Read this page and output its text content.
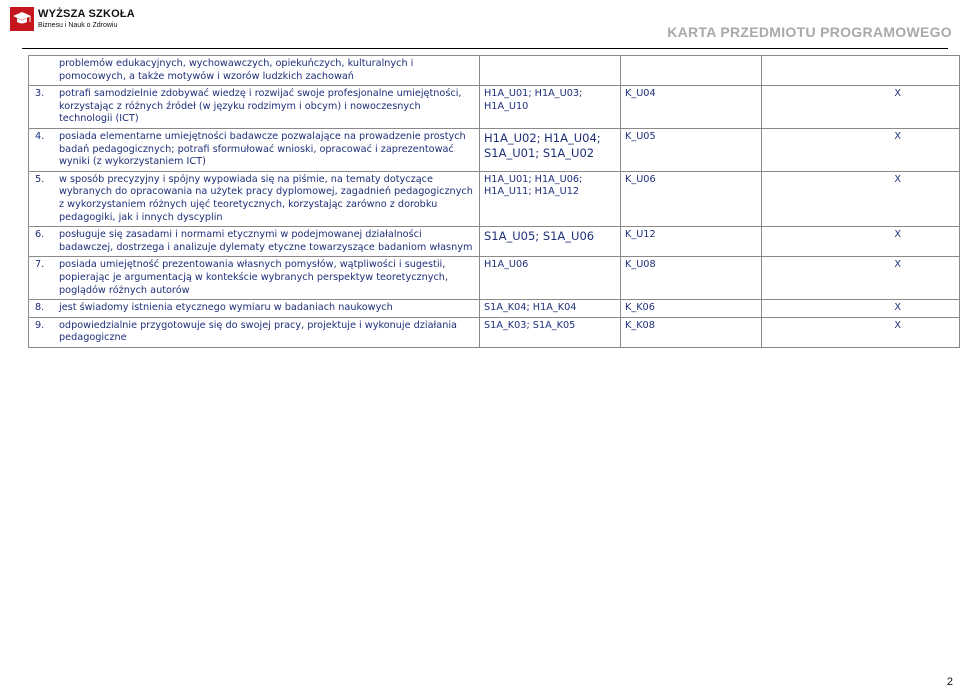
WYŻSZA SZKOŁA
Biznesu i Nauk o Zdrowiu	KARTA PRZEDMIOTU PROGRAMOWEGO
problemów edukacyjnych, wychowawczych, opiekuńczych, kulturalnych i pomocowych, a także motywów i wzorów ludzkich zachowań			

3. potrafi samodzielnie zdobywać wiedzę i rozwijać swoje profesjonalne umiejętności, korzystając z różnych źródeł (w języku rodzimym i obcym) i nowoczesnych technologii (ICT)	H1A_U01; H1A_U03; H1A_U10	K_U04	X

4. posiada elementarne umiejętności badawcze pozwalające na prowadzenie prostych badań pedagogicznych; potrafi sformułować wnioski, opracować i zaprezentować wyniki (z wykorzystaniem ICT)	H1A_U02; H1A_U04; S1A_U01; S1A_U02	K_U05	X

5. w sposób precyzyjny i spójny wypowiada się na piśmie, na tematy dotyczące wybranych do opracowania na użytek pracy dyplomowej, zagadnień pedagogicznych z wykorzystaniem różnych ujęć teoretycznych, korzystając zarówno z dorobku pedagogiki, jak i innych dyscyplin	H1A_U01; H1A_U06; H1A_U11; H1A_U12	K_U06	X

6. posługuje się zasadami i normami etycznymi w podejmowanej działalności badawczej, dostrzega i analizuje dylematy etyczne towarzyszące badaniom własnym	S1A_U05; S1A_U06	K_U12	X

7. posiada umiejętność prezentowania własnych pomysłów, wątpliwości i sugestii, popierając je argumentacją w kontekście wybranych perspektyw teoretycznych, poglądów różnych autorów	H1A_U06	K_U08	X

8. jest świadomy istnienia etycznego wymiaru w badaniach naukowych	S1A_K04; H1A_K04	K_K06	X

9. odpowiedzialnie przygotowuje się do swojej pracy, projektuje i wykonuje działania pedagogiczne	S1A_K03; S1A_K05	K_K08	X
2
